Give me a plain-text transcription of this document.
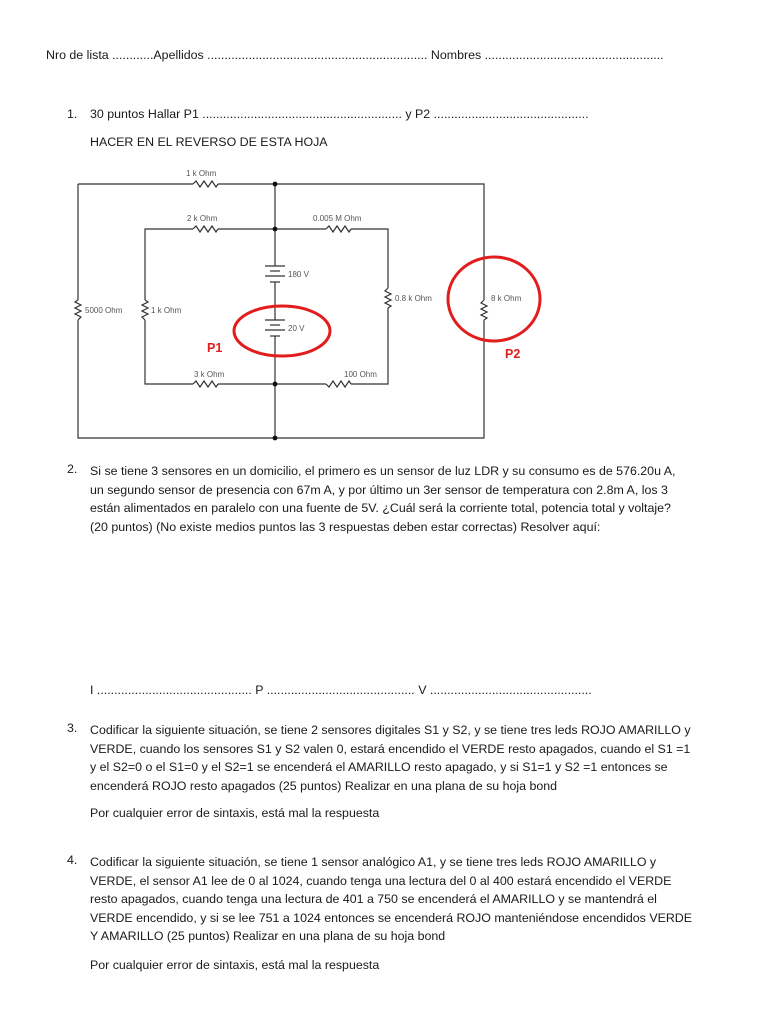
Nro de lista ............Apellidos ................................................................ Nombres ....................................................
1. 30 puntos Hallar P1 .......................................................... y P2 .............................................
HACER EN EL REVERSO DE ESTA HOJA
1 k Ohm
2 k Ohm	0.005 M Ohm
180 V
20 V
5000 Ohm	1 k Ohm
0.8 k Ohm	8 k Ohm
3 k Ohm	100 Ohm
P1	P2
2. Si se tiene 3 sensores en un domicilio, el primero es un sensor de luz LDR y su consumo es de 576.20u A,
un segundo sensor de presencia con 67m A, y por último un 3er sensor de temperatura con 2.8m A, los 3
están alimentados en paralelo con una fuente de 5V. ¿Cuál será la corriente total, potencia total y voltaje?
(20 puntos) (No existe medios puntos las 3 respuestas deben estar correctas) Resolver aquí:
I ............................................. P ........................................... V ...............................................
3. Codificar la siguiente situación, se tiene 2 sensores digitales S1 y S2, y se tiene tres leds ROJO AMARILLO y
VERDE, cuando los sensores S1 y S2 valen 0, estará encendido el VERDE resto apagados, cuando el S1 =1
y el S2=0 o el S1=0 y el S2=1 se encenderá el AMARILLO resto apagado, y si S1=1 y S2 =1 entonces se
encenderá ROJO resto apagados (25 puntos) Realizar en una plana de su hoja bond
Por cualquier error de sintaxis, está mal la respuesta
4. Codificar la siguiente situación, se tiene 1 sensor analógico A1, y se tiene tres leds ROJO AMARILLO y
VERDE, el sensor A1 lee de 0 al 1024, cuando tenga una lectura del 0 al 400 estará encendido el VERDE
resto apagados, cuando tenga una lectura de 401 a 750 se encenderá el AMARILLO y se mantendrá el
VERDE encendido, y si se lee 751 a 1024 entonces se encenderá ROJO manteniéndose encendidos VERDE
Y AMARILLO (25 puntos) Realizar en una plana de su hoja bond
Por cualquier error de sintaxis, está mal la respuesta
